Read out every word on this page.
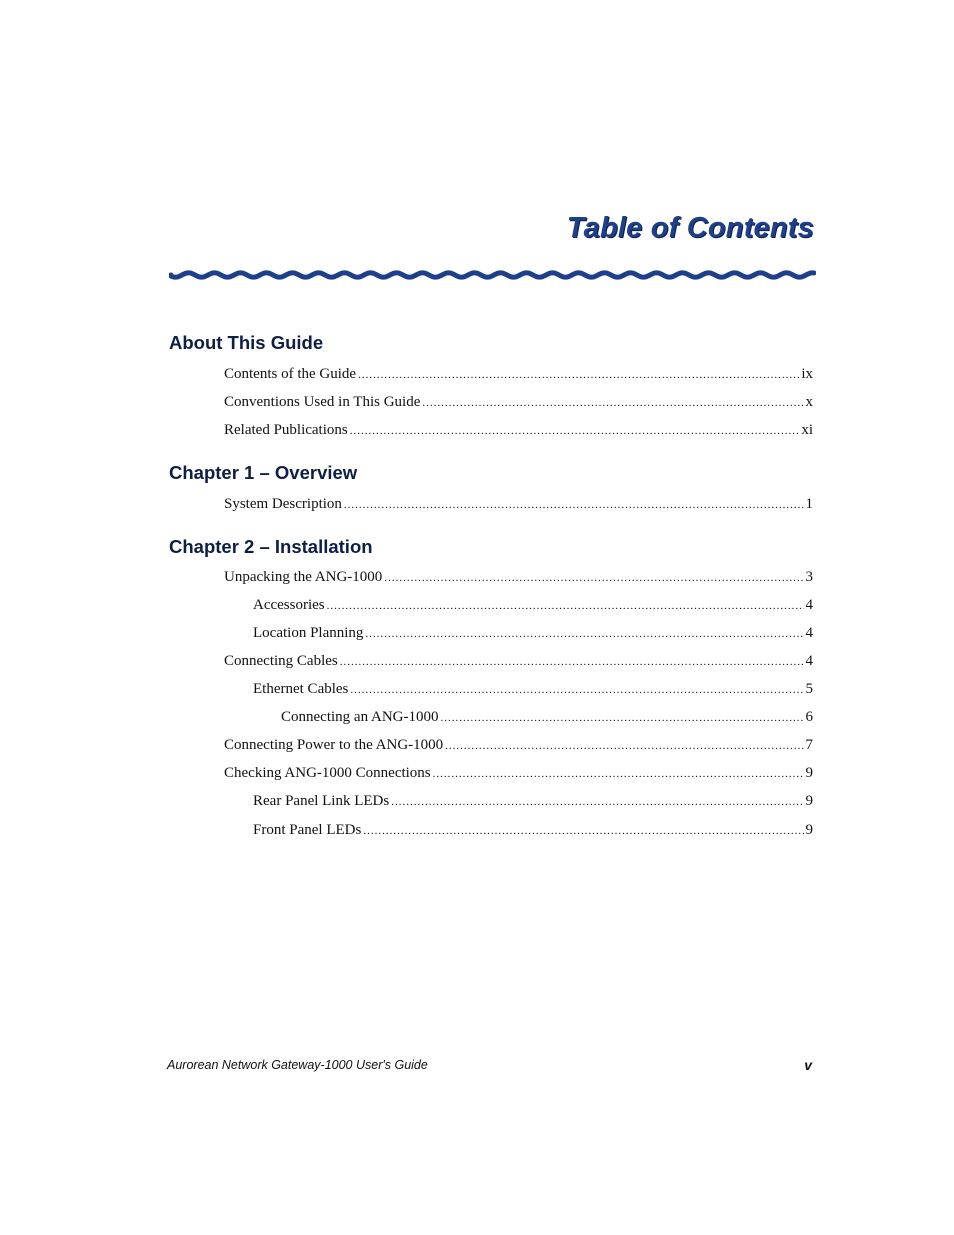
Table of Contents
About This Guide
Contents of the Guide .....	ix
Conventions Used in This Guide .....	x
Related Publications .....	xi
Chapter 1 – Overview
System Description .....	1
Chapter 2 – Installation
Unpacking the ANG-1000 .....	3
Accessories .....	4
Location Planning .....	4
Connecting Cables .....	4
Ethernet Cables .....	5
Connecting an ANG-1000 .....	6
Connecting Power to the ANG-1000 .....	7
Checking ANG-1000 Connections .....	9
Rear Panel Link LEDs .....	9
Front Panel LEDs .....	9
Aurorean Network Gateway-1000 User's Guide	v
